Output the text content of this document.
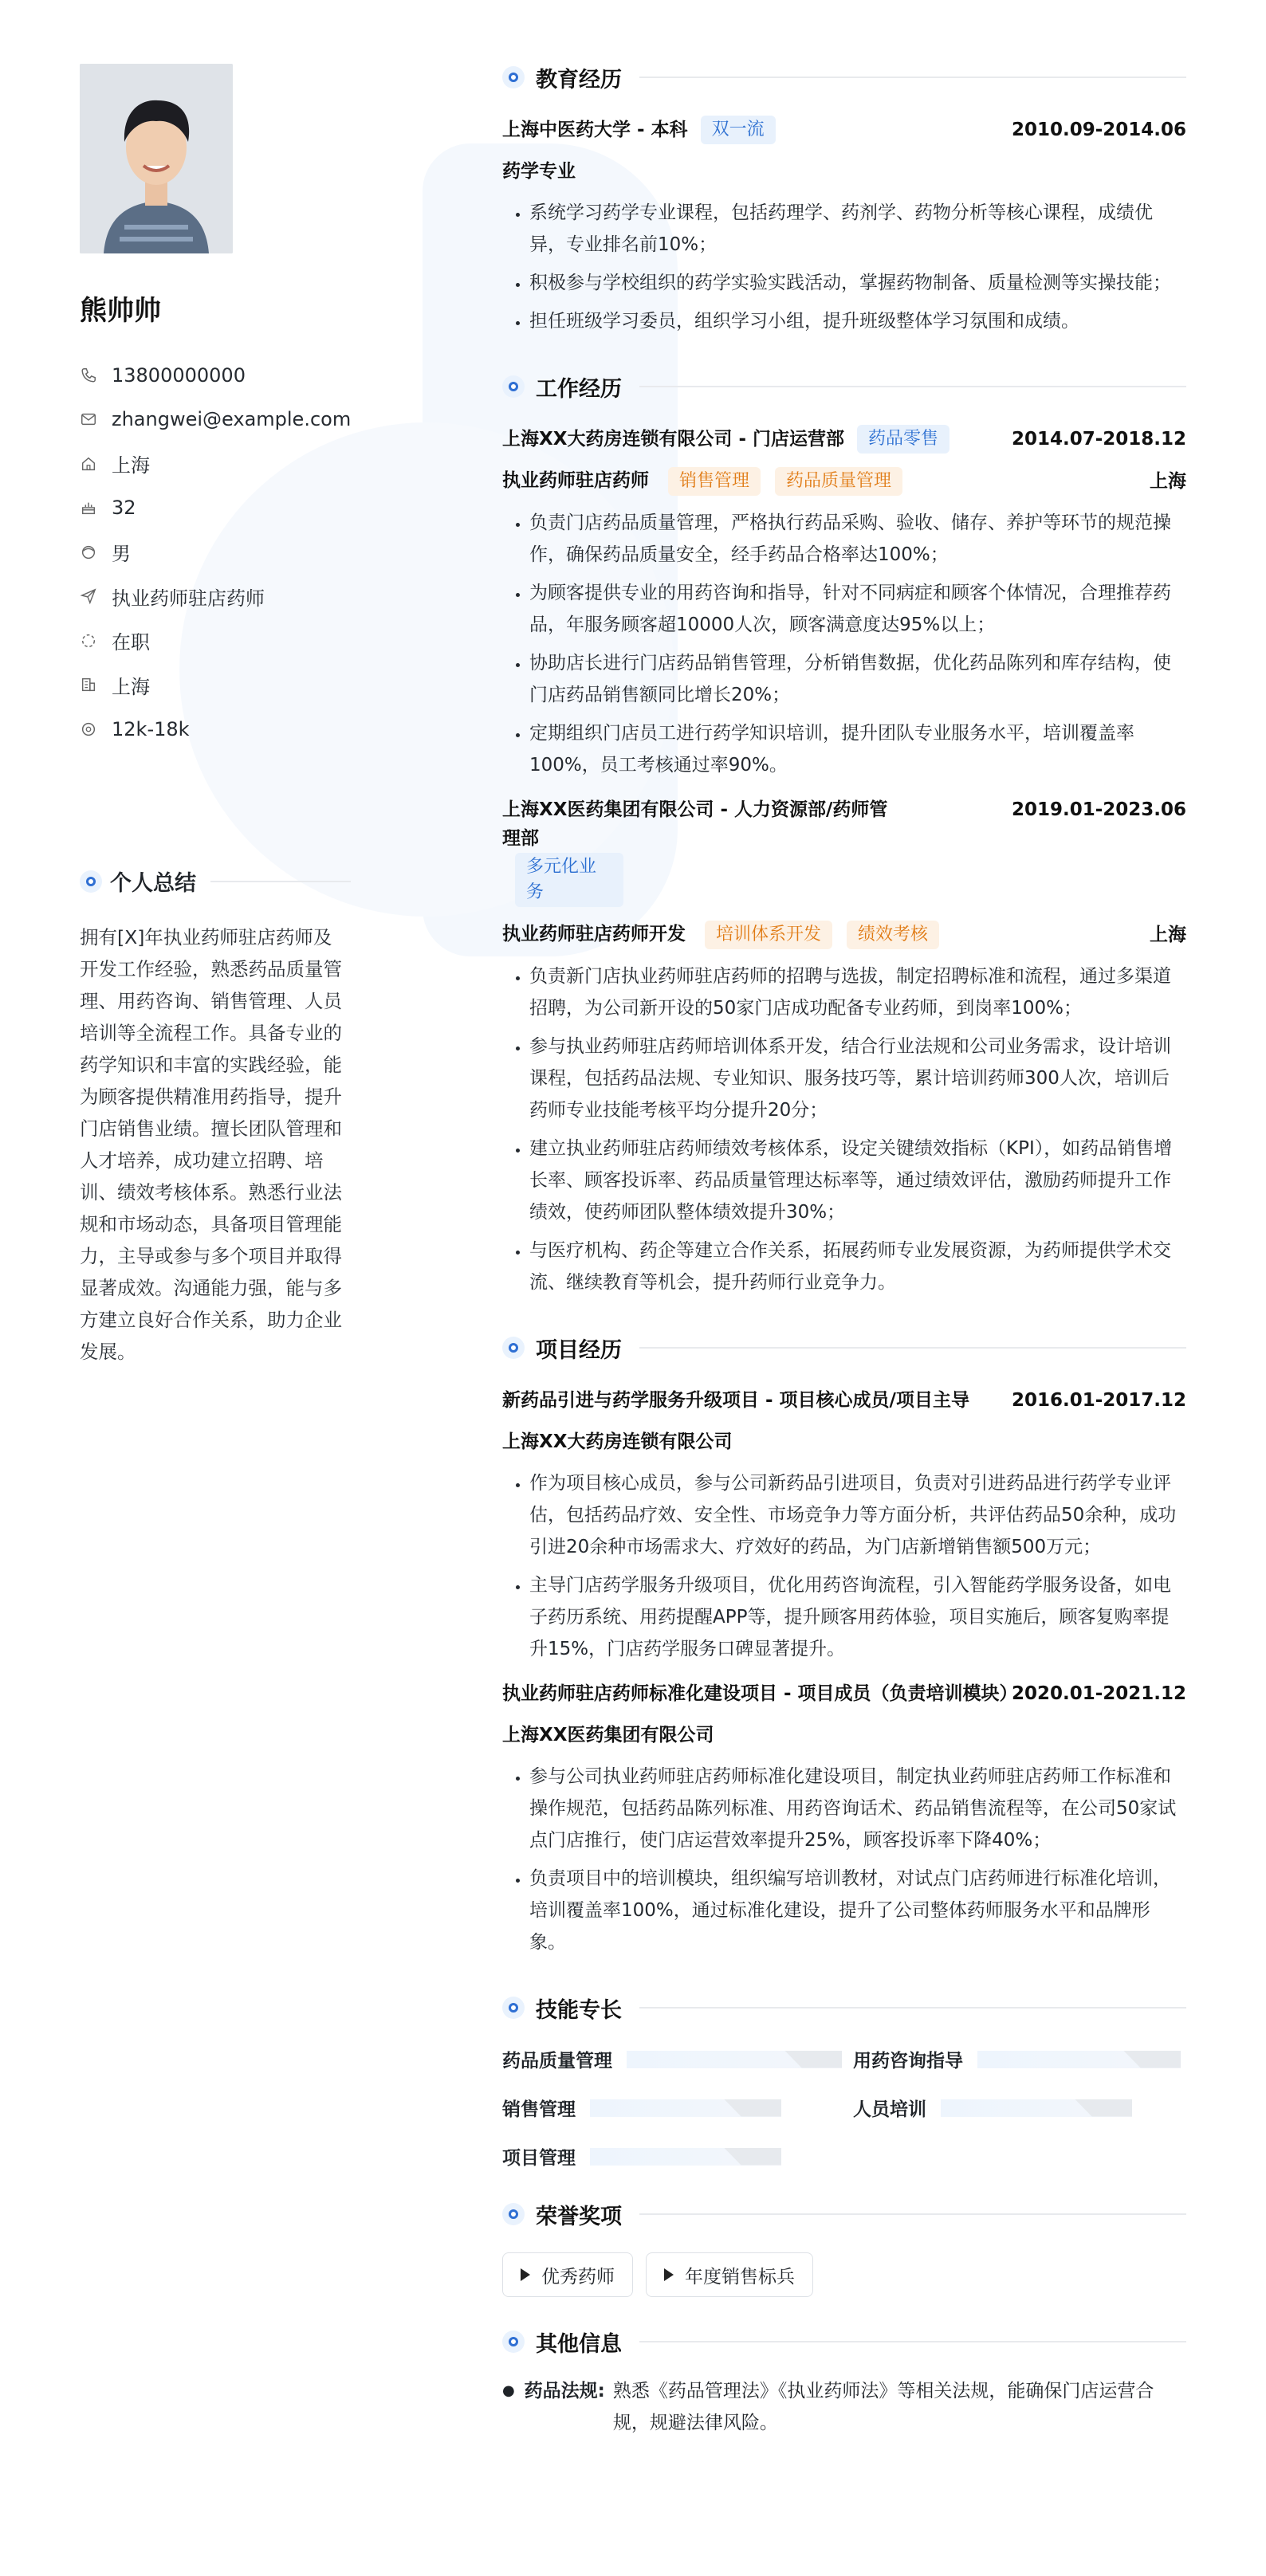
熊帅帅
13800000000
zhangwei@example.com
上海
32
男
执业药师驻店药师
在职
上海
12k-18k
个人总结
拥有[X]年执业药师驻店药师及开发工作经验，熟悉药品质量管理、用药咨询、销售管理、人员培训等全流程工作。具备专业的药学知识和丰富的实践经验，能为顾客提供精准用药指导，提升门店销售业绩。擅长团队管理和人才培养，成功建立招聘、培训、绩效考核体系。熟悉行业法规和市场动态，具备项目管理能力，主导或参与多个项目并取得显著成效。沟通能力强，能与多方建立良好合作关系，助力企业发展。
教育经历
上海中医药大学 - 本科	双一流	2010.09-2014.06
药学专业
• 系统学习药学专业课程，包括药理学、药剂学、药物分析等核心课程，成绩优异，专业排名前10%；
• 积极参与学校组织的药学实验实践活动，掌握药物制备、质量检测等实操技能；
• 担任班级学习委员，组织学习小组，提升班级整体学习氛围和成绩。
工作经历
上海XX大药房连锁有限公司 - 门店运营部	药品零售	2014.07-2018.12
执业药师驻店药师 销售管理 药品质量管理	上海
• 负责门店药品质量管理，严格执行药品采购、验收、储存、养护等环节的规范操作，确保药品质量安全，经手药品合格率达100%；
• 为顾客提供专业的用药咨询和指导，针对不同病症和顾客个体情况，合理推荐药品，年服务顾客超10000人次，顾客满意度达95%以上；
• 协助店长进行门店药品销售管理，分析销售数据，优化药品陈列和库存结构，使门店药品销售额同比增长20%；
• 定期组织门店员工进行药学知识培训，提升团队专业服务水平，培训覆盖率100%，员工考核通过率90%。
上海XX医药集团有限公司 - 人力资源部/药师管理部
多元化业务
2019.01-2023.06
执业药师驻店药师开发 培训体系开发 绩效考核	上海
• 负责新门店执业药师驻店药师的招聘与选拔，制定招聘标准和流程，通过多渠道招聘，为公司新开设的50家门店成功配备专业药师，到岗率100%；
• 参与执业药师驻店药师培训体系开发，结合行业法规和公司业务需求，设计培训课程，包括药品法规、专业知识、服务技巧等，累计培训药师300人次，培训后药师专业技能考核平均分提升20分；
• 建立执业药师驻店药师绩效考核体系，设定关键绩效指标（KPI），如药品销售增长率、顾客投诉率、药品质量管理达标率等，通过绩效评估，激励药师提升工作绩效，使药师团队整体绩效提升30%；
• 与医疗机构、药企等建立合作关系，拓展药师专业发展资源，为药师提供学术交流、继续教育等机会，提升药师行业竞争力。
项目经历
新药品引进与药学服务升级项目 - 项目核心成员/项目主导 2016.01-2017.12
上海XX大药房连锁有限公司
• 作为项目核心成员，参与公司新药品引进项目，负责对引进药品进行药学专业评估，包括药品疗效、安全性、市场竞争力等方面分析，共评估药品50余种，成功引进20余种市场需求大、疗效好的药品，为门店新增销售额500万元；
• 主导门店药学服务升级项目，优化用药咨询流程，引入智能药学服务设备，如电子药历系统、用药提醒APP等，提升顾客用药体验，项目实施后，顾客复购率提升15%，门店药学服务口碑显著提升。
执业药师驻店药师标准化建设项目 - 项目成员（负责培训模块）
2020.01-2021.12
上海XX医药集团有限公司
• 参与公司执业药师驻店药师标准化建设项目，制定执业药师驻店药师工作标准和操作规范，包括药品陈列标准、用药咨询话术、药品销售流程等，在公司50家试点门店推行，使门店运营效率提升25%，顾客投诉率下降40%；
• 负责项目中的培训模块，组织编写培训教材，对试点门店药师进行标准化培训，培训覆盖率100%，通过标准化建设，提升了公司整体药师服务水平和品牌形象。
技能专长
药品质量管理	用药咨询指导
销售管理	人员培训
项目管理
荣誉奖项
优秀药师	年度销售标兵
其他信息
● 药品法规: 熟悉《药品管理法》《执业药师法》等相关法规，能确保门店运营合规，规避法律风险。
